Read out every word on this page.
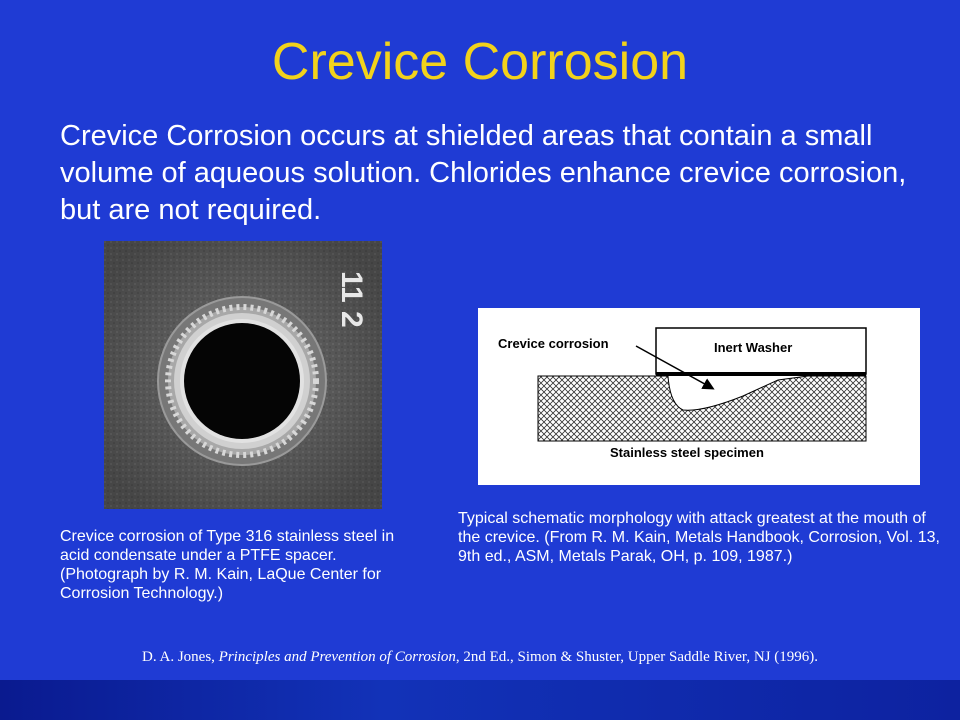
Crevice Corrosion
Crevice Corrosion occurs at shielded areas that contain a small volume of aqueous solution. Chlorides enhance crevice corrosion, but are not required.
11 2
Crevice corrosion of Type 316 stainless steel in acid condensate under a PTFE spacer. (Photograph by R. M. Kain, LaQue Center for Corrosion Technology.)
Crevice corrosion	Inert Washer
Stainless steel specimen
Typical schematic morphology with attack greatest at the mouth of the crevice. (From R. M. Kain, Metals Handbook, Corrosion, Vol. 13, 9th ed., ASM, Metals Parak, OH, p. 109, 1987.)
D. A. Jones, Principles and Prevention of Corrosion, 2nd Ed., Simon & Shuster, Upper Saddle River, NJ (1996).
